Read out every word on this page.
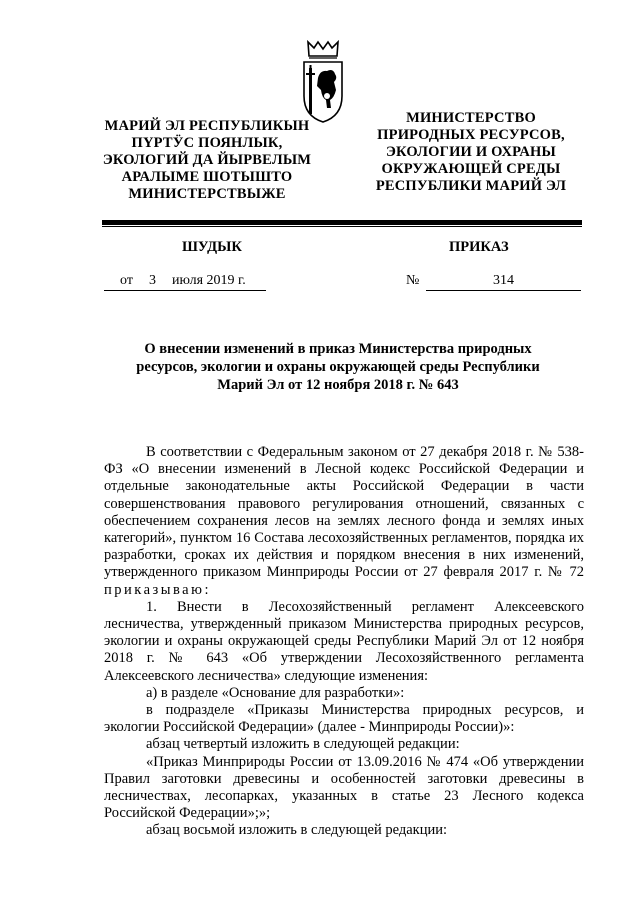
МАРИЙ ЭЛ РЕСПУБЛИКЫН
ПҮРТӰС ПОЯНЛЫК,
ЭКОЛОГИЙ ДА ЙЫРВЕЛЫМ
АРАЛЫМЕ ШОТЫШТО
МИНИСТЕРСТВЫЖЕ
МИНИСТЕРСТВО
ПРИРОДНЫХ РЕСУРСОВ,
ЭКОЛОГИИ И ОХРАНЫ
ОКРУЖАЮЩЕЙ СРЕДЫ
РЕСПУБЛИКИ МАРИЙ ЭЛ
ШУДЫК	ПРИКАЗ
от 3 июля 2019 г.	№	314
О внесении изменений в приказ Министерства природных
ресурсов, экологии и охраны окружающей среды Республики
Марий Эл от 12 ноября 2018 г. № 643

В соответствии с Федеральным законом от 27 декабря 2018 г. № 538-ФЗ «О внесении изменений в Лесной кодекс Российской Федерации и отдельные законодательные акты Российской Федерации в части совершенствования правового регулирования отношений, связанных с обеспечением сохранения лесов на землях лесного фонда и землях иных категорий», пунктом 16 Состава лесохозяйственных регламентов, порядка их разработки, сроках их действия и порядком внесения в них изменений, утвержденного приказом Минприроды России от 27 февраля 2017 г. № 72 приказываю:

1. Внести в Лесохозяйственный регламент Алексеевского лесничества, утвержденный приказом Министерства природных ресурсов, экологии и охраны окружающей среды Республики Марий Эл от 12 ноября 2018 г. № 643 «Об утверждении Лесохозяйственного регламента Алексеевского лесничества» следующие изменения:

а) в разделе «Основание для разработки»:

в подразделе «Приказы Министерства природных ресурсов, и экологии Российской Федерации» (далее - Минприроды России)»:

абзац четвертый изложить в следующей редакции:

«Приказ Минприроды России от 13.09.2016 № 474 «Об утверждении Правил заготовки древесины и особенностей заготовки древесины в лесничествах, лесопарках, указанных в статье 23 Лесного кодекса Российской Федерации»;»;

абзац восьмой изложить в следующей редакции:
